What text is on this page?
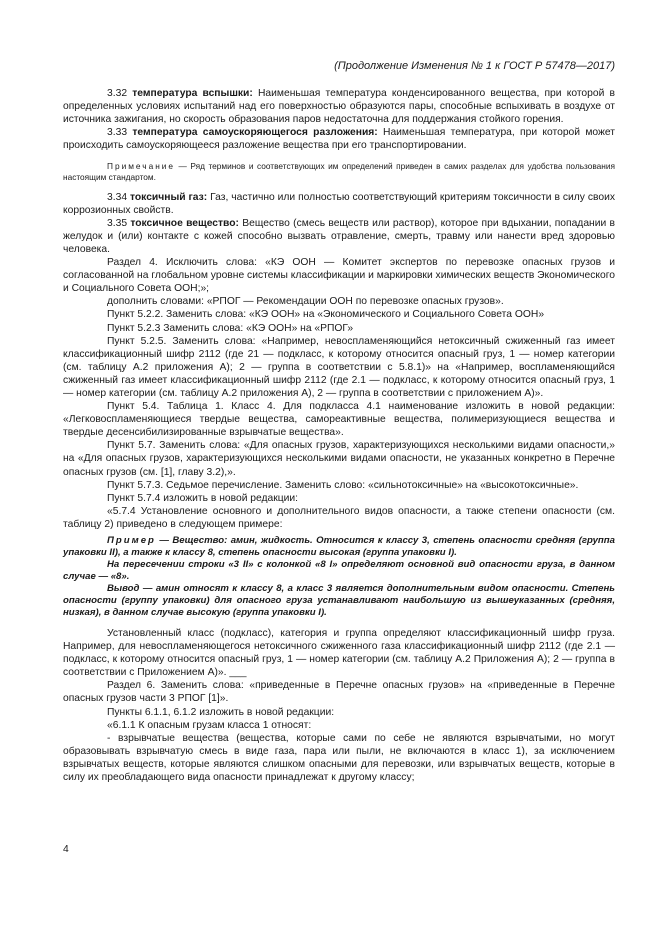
(Продолжение Изменения № 1 к ГОСТ Р 57478—2017)

3.32 температура вспышки: Наименьшая температура конденсированного вещества, при которой в определенных условиях испытаний над его поверхностью образуются пары, способные вспыхивать в воздухе от источника зажигания, но скорость образования паров недостаточна для поддержания стойкого горения.

3.33 температура самоускоряющегося разложения: Наименьшая температура, при которой может происходить самоускоряющееся разложение вещества при его транспортировании.

Примечание — Ряд терминов и соответствующих им определений приведен в самих разделах для удобства пользования настоящим стандартом.

3.34 токсичный газ: Газ, частично или полностью соответствующий критериям токсичности в силу своих коррозионных свойств.

3.35 токсичное вещество: Вещество (смесь веществ или раствор), которое при вдыхании, попадании в желудок и (или) контакте с кожей способно вызвать отравление, смерть, травму или нанести вред здоровью человека.

Раздел 4. Исключить слова: «КЭ ООН — Комитет экспертов по перевозке опасных грузов и согласованной на глобальном уровне системы классификации и маркировки химических веществ Экономического и Социального Совета ООН;»;

дополнить словами: «РПОГ — Рекомендации ООН по перевозке опасных грузов».

Пункт 5.2.2. Заменить слова: «КЭ ООН» на «Экономического и Социального Совета ООН»

Пункт 5.2.3 Заменить слова: «КЭ ООН» на «РПОГ»

Пункт 5.2.5. Заменить слова: «Например, невоспламеняющийся нетоксичный сжиженный газ имеет классификационный шифр 2112 (где 21 — подкласс, к которому относится опасный груз, 1 — номер категории (см. таблицу А.2 приложения А); 2 — группа в соответствии с 5.8.1)» на «Например, воспламеняющийся сжиженный газ имеет классификационный шифр 2112 (где 2.1 — подкласс, к которому относится опасный груз, 1 — номер категории (см. таблицу А.2 приложения А), 2 — группа в соответствии с приложением А)».

Пункт 5.4. Таблица 1. Класс 4. Для подкласса 4.1 наименование изложить в новой редакции: «Легковоспламеняющиеся твердые вещества, самореактивные вещества, полимеризующиеся вещества и твердые десенсибилизированные взрывчатые вещества».

Пункт 5.7. Заменить слова: «Для опасных грузов, характеризующихся несколькими видами опасности,» на «Для опасных грузов, характеризующихся несколькими видами опасности, не указанных конкретно в Перечне опасных грузов (см. [1], главу 3.2),».

Пункт 5.7.3. Седьмое перечисление. Заменить слово: «сильнотоксичные» на «высокотоксичные».

Пункт 5.7.4 изложить в новой редакции:

«5.7.4 Установление основного и дополнительного видов опасности, а также степени опасности (см. таблицу 2) приведено в следующем примере:

Пример — Вещество: амин, жидкость. Относится к классу 3, степень опасности средняя (группа упаковки II), а также к классу 8, степень опасности высокая (группа упаковки I).

На пересечении строки «3 II» с колонкой «8 I» определяют основной вид опасности груза, в данном случае — «8».

Вывод — амин относят к классу 8, а класс 3 является дополнительным видом опасности. Степень опасности (группу упаковки) для опасного груза устанавливают наибольшую из вышеуказанных (средняя, низкая), в данном случае высокую (группа упаковки I).

Установленный класс (подкласс), категория и группа определяют классификационный шифр груза. Например, для невоспламеняющегося нетоксичного сжиженного газа классификационный шифр 2112 (где 2.1 — подкласс, к которому относится опасный груз, 1 — номер категории (см. таблицу А.2 Приложения А); 2 — группа в соответствии с Приложением А)». ___

Раздел 6. Заменить слова: «приведенные в Перечне опасных грузов» на «приведенные в Перечне опасных грузов части 3 РПОГ [1]».

Пункты 6.1.1, 6.1.2 изложить в новой редакции:

«6.1.1 К опасным грузам класса 1 относят:

- взрывчатые вещества (вещества, которые сами по себе не являются взрывчатыми, но могут образовывать взрывчатую смесь в виде газа, пара или пыли, не включаются в класс 1), за исключением взрывчатых веществ, которые являются слишком опасными для перевозки, или взрывчатых веществ, которые в силу их преобладающего вида опасности принадлежат к другому классу;

4
